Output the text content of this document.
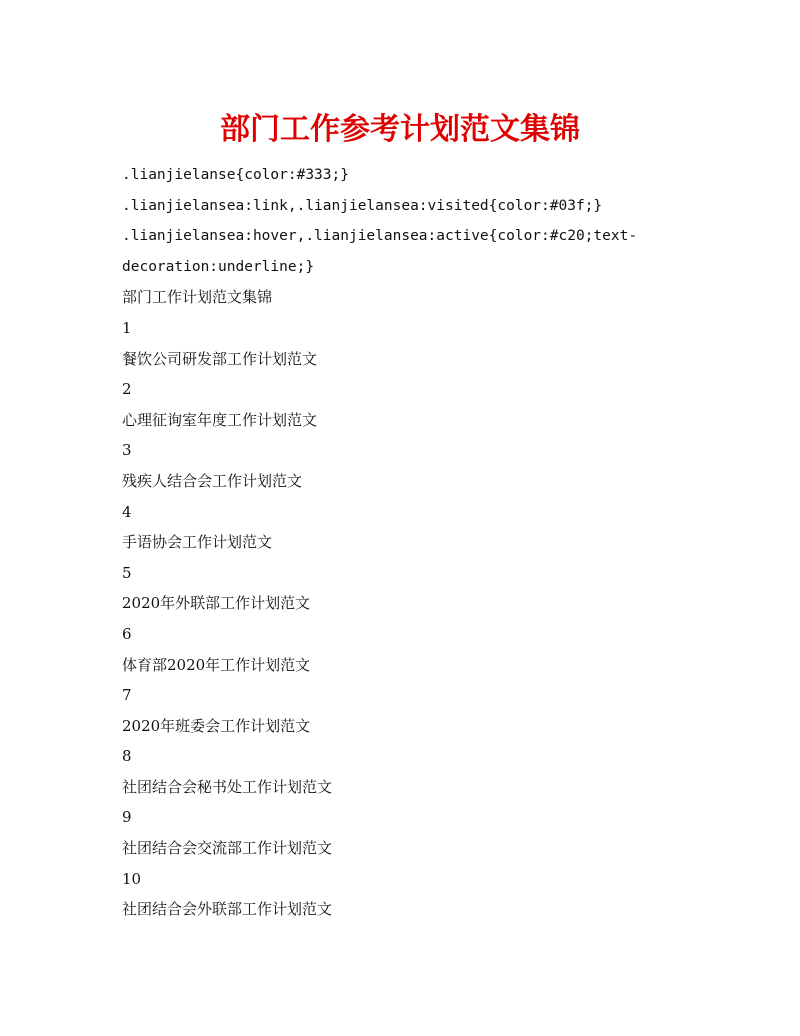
部门工作参考计划范文集锦
.lianjielanse{color:#333;}
.lianjielansea:link,.lianjielansea:visited{color:#03f;}
.lianjielansea:hover,.lianjielansea:active{color:#c20;text-
decoration:underline;}
部门工作计划范文集锦
1
餐饮公司研发部工作计划范文
2
心理征询室年度工作计划范文
3
残疾人结合会工作计划范文
4
手语协会工作计划范文
5
2020年外联部工作计划范文
6
体育部2020年工作计划范文
7
2020年班委会工作计划范文
8
社团结合会秘书处工作计划范文
9
社团结合会交流部工作计划范文
10
社团结合会外联部工作计划范文
